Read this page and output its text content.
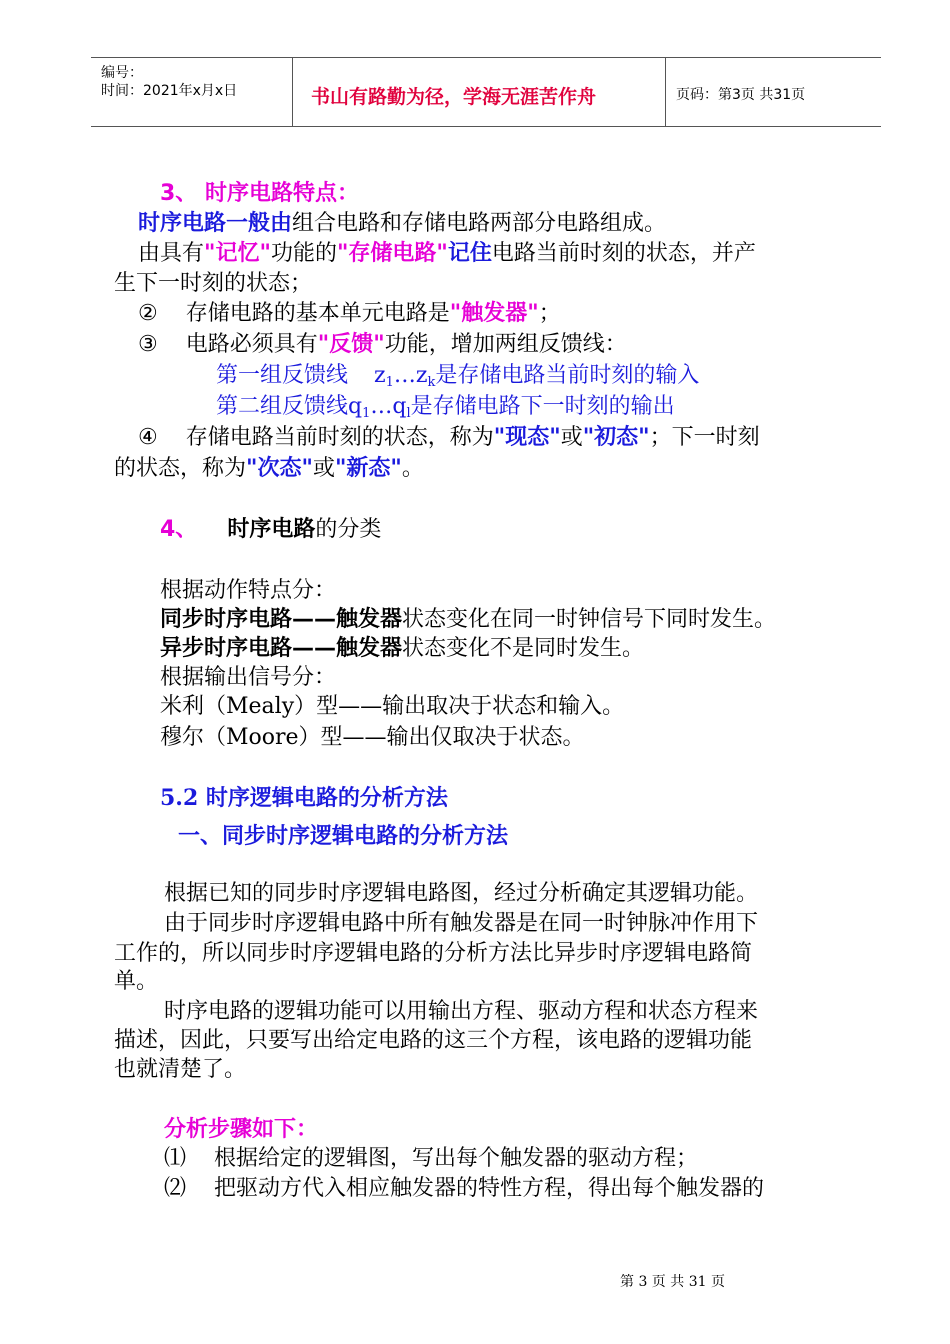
编号：
时间：2021年x月x日	书山有路勤为径，学海无涯苦作舟	页码：第3页 共31页
3、 时序电路特点：
时序电路一般由组合电路和存储电路两部分电路组成。
由具有"记忆"功能的"存储电路"记住电路当前时刻的状态，并产
生下一时刻的状态；
② 存储电路的基本单元电路是"触发器"；
③ 电路必须具有"反馈"功能，增加两组反馈线：
第一组反馈线 $z_1\dots z_k$是存储电路当前时刻的输入
第二组反馈线$q_1\dots q_l$是存储电路下一时刻的输出
④ 存储电路当前时刻的状态，称为"现态"或"初态"；下一时刻
的状态，称为"次态"或"新态"。
4、 时序电路的分类
根据动作特点分：
同步时序电路——触发器状态变化在同一时钟信号下同时发生。
异步时序电路——触发器状态变化不是同时发生。
根据输出信号分：
米利（Mealy）型——输出取决于状态和输入。
穆尔（Moore）型——输出仅取决于状态。
5.2 时序逻辑电路的分析方法
一、同步时序逻辑电路的分析方法
根据已知的同步时序逻辑电路图，经过分析确定其逻辑功能。
由于同步时序逻辑电路中所有触发器是在同一时钟脉冲作用下
工作的，所以同步时序逻辑电路的分析方法比异步时序逻辑电路简
单。
时序电路的逻辑功能可以用输出方程、驱动方程和状态方程来
描述，因此，只要写出给定电路的这三个方程，该电路的逻辑功能
也就清楚了。
分析步骤如下：
⑴ 根据给定的逻辑图，写出每个触发器的驱动方程；
⑵ 把驱动方代入相应触发器的特性方程，得出每个触发器的
第 3 页 共 31 页
